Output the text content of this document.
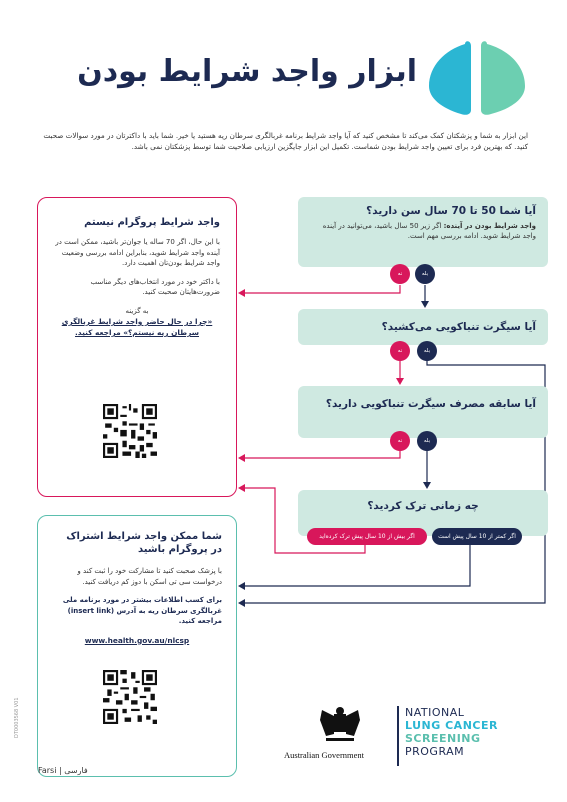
ابزار واجد شرایط بودن
این ابزار به شما و پزشکتان کمک می‌کند تا مشخص کنید که آیا واجد شرایط برنامه غربالگری سرطان ریه هستید یا خیر. شما باید با داکترتان در مورد سوالات صحبت کنید. که بهترین فرد برای تعیین واجد شرایط بودن شماست. تکمیل این ابزار جایگزین ارزیابی صلاحیت شما توسط پزشکتان نمی باشد.
آیا شما 50 تا 70 سال سن دارید؟
واجد شرایط بودن در آینده: اگر زیر 50 سال باشید، می‌توانید در آینده واجد شرایط شوید. ادامه بررسی مهم است.
نه	بله
آیا سیگرت تنباکویی می‌کشید؟
نه	بله
آیا سابقه مصرف سیگرت تنباکویی دارید؟
نه	بله
چه زمانی ترک کردید؟
اگر بیش از 10 سال پیش ترک کرده‌اید	اگر کمتر از 10 سال پیش است
واجد شرایط پروگرام نیستم
با این حال، اگر 70 ساله یا جوان‌تر باشید، ممکن است در آینده واجد شرایط شوید، بنابراین ادامه بررسی وضعیت واجد شرایط بودن‌تان اهمیت دارد.
با داکتر خود در مورد انتخاب‌های دیگر مناسب ضرورت‌هایتان صحبت کنید.
به گزینه
«چرا در حال حاضر واجد شرایط غربالگری سرطان ریه نیستم؟» مراجعه کنید.
شما ممکن واجد شرایط اشتراک در پروگرام باشید
با پزشک صحبت کنید تا مشارکت خود را ثبت کند و درخواست سی تی اسکن با دوز کم دریافت کنید.
برای کسب اطلاعات بیشتر در مورد برنامه ملی غربالگری سرطان ریه به آدرس (insert link) مراجعه کنید.
www.health.gov.au/nlcsp
DT0003568 V01
Farsi | فارسی
Australian Government
NATIONAL
LUNG CANCER
SCREENING
PROGRAM
